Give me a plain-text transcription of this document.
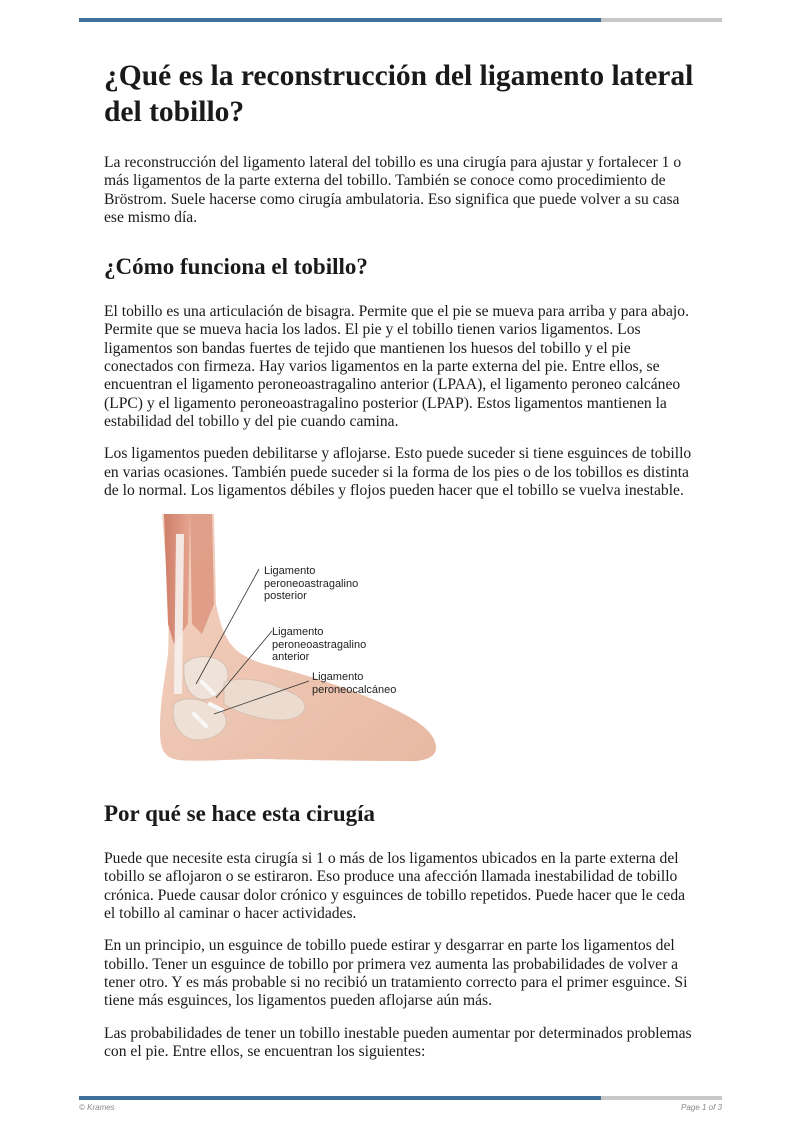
¿Qué es la reconstrucción del ligamento lateral del tobillo?

La reconstrucción del ligamento lateral del tobillo es una cirugía para ajustar y fortalecer 1 o más ligamentos de la parte externa del tobillo. También se conoce como procedimiento de Bröstrom. Suele hacerse como cirugía ambulatoria. Eso significa que puede volver a su casa ese mismo día.

¿Cómo funciona el tobillo?

El tobillo es una articulación de bisagra. Permite que el pie se mueva para arriba y para abajo. Permite que se mueva hacia los lados. El pie y el tobillo tienen varios ligamentos. Los ligamentos son bandas fuertes de tejido que mantienen los huesos del tobillo y el pie conectados con firmeza. Hay varios ligamentos en la parte externa del pie. Entre ellos, se encuentran el ligamento peroneoastragalino anterior (LPAA), el ligamento peroneo calcáneo (LPC) y el ligamento peroneoastragalino posterior (LPAP). Estos ligamentos mantienen la estabilidad del tobillo y del pie cuando camina.

Los ligamentos pueden debilitarse y aflojarse. Esto puede suceder si tiene esguinces de tobillo en varias ocasiones. También puede suceder si la forma de los pies o de los tobillos es distinta de lo normal. Los ligamentos débiles y flojos pueden hacer que el tobillo se vuelva inestable.

Ligamento
peroneoastragalino
posterior
Ligamento
peroneoastragalino
anterior
Ligamento
peroneocalcáneo
Por qué se hace esta cirugía

Puede que necesite esta cirugía si 1 o más de los ligamentos ubicados en la parte externa del tobillo se aflojaron o se estiraron. Eso produce una afección llamada inestabilidad de tobillo crónica. Puede causar dolor crónico y esguinces de tobillo repetidos. Puede hacer que le ceda el tobillo al caminar o hacer actividades.

En un principio, un esguince de tobillo puede estirar y desgarrar en parte los ligamentos del tobillo. Tener un esguince de tobillo por primera vez aumenta las probabilidades de volver a tener otro. Y es más probable si no recibió un tratamiento correcto para el primer esguince. Si tiene más esguinces, los ligamentos pueden aflojarse aún más.

Las probabilidades de tener un tobillo inestable pueden aumentar por determinados problemas con el pie. Entre ellos, se encuentran los siguientes:

© Krames	Page 1 of 3
